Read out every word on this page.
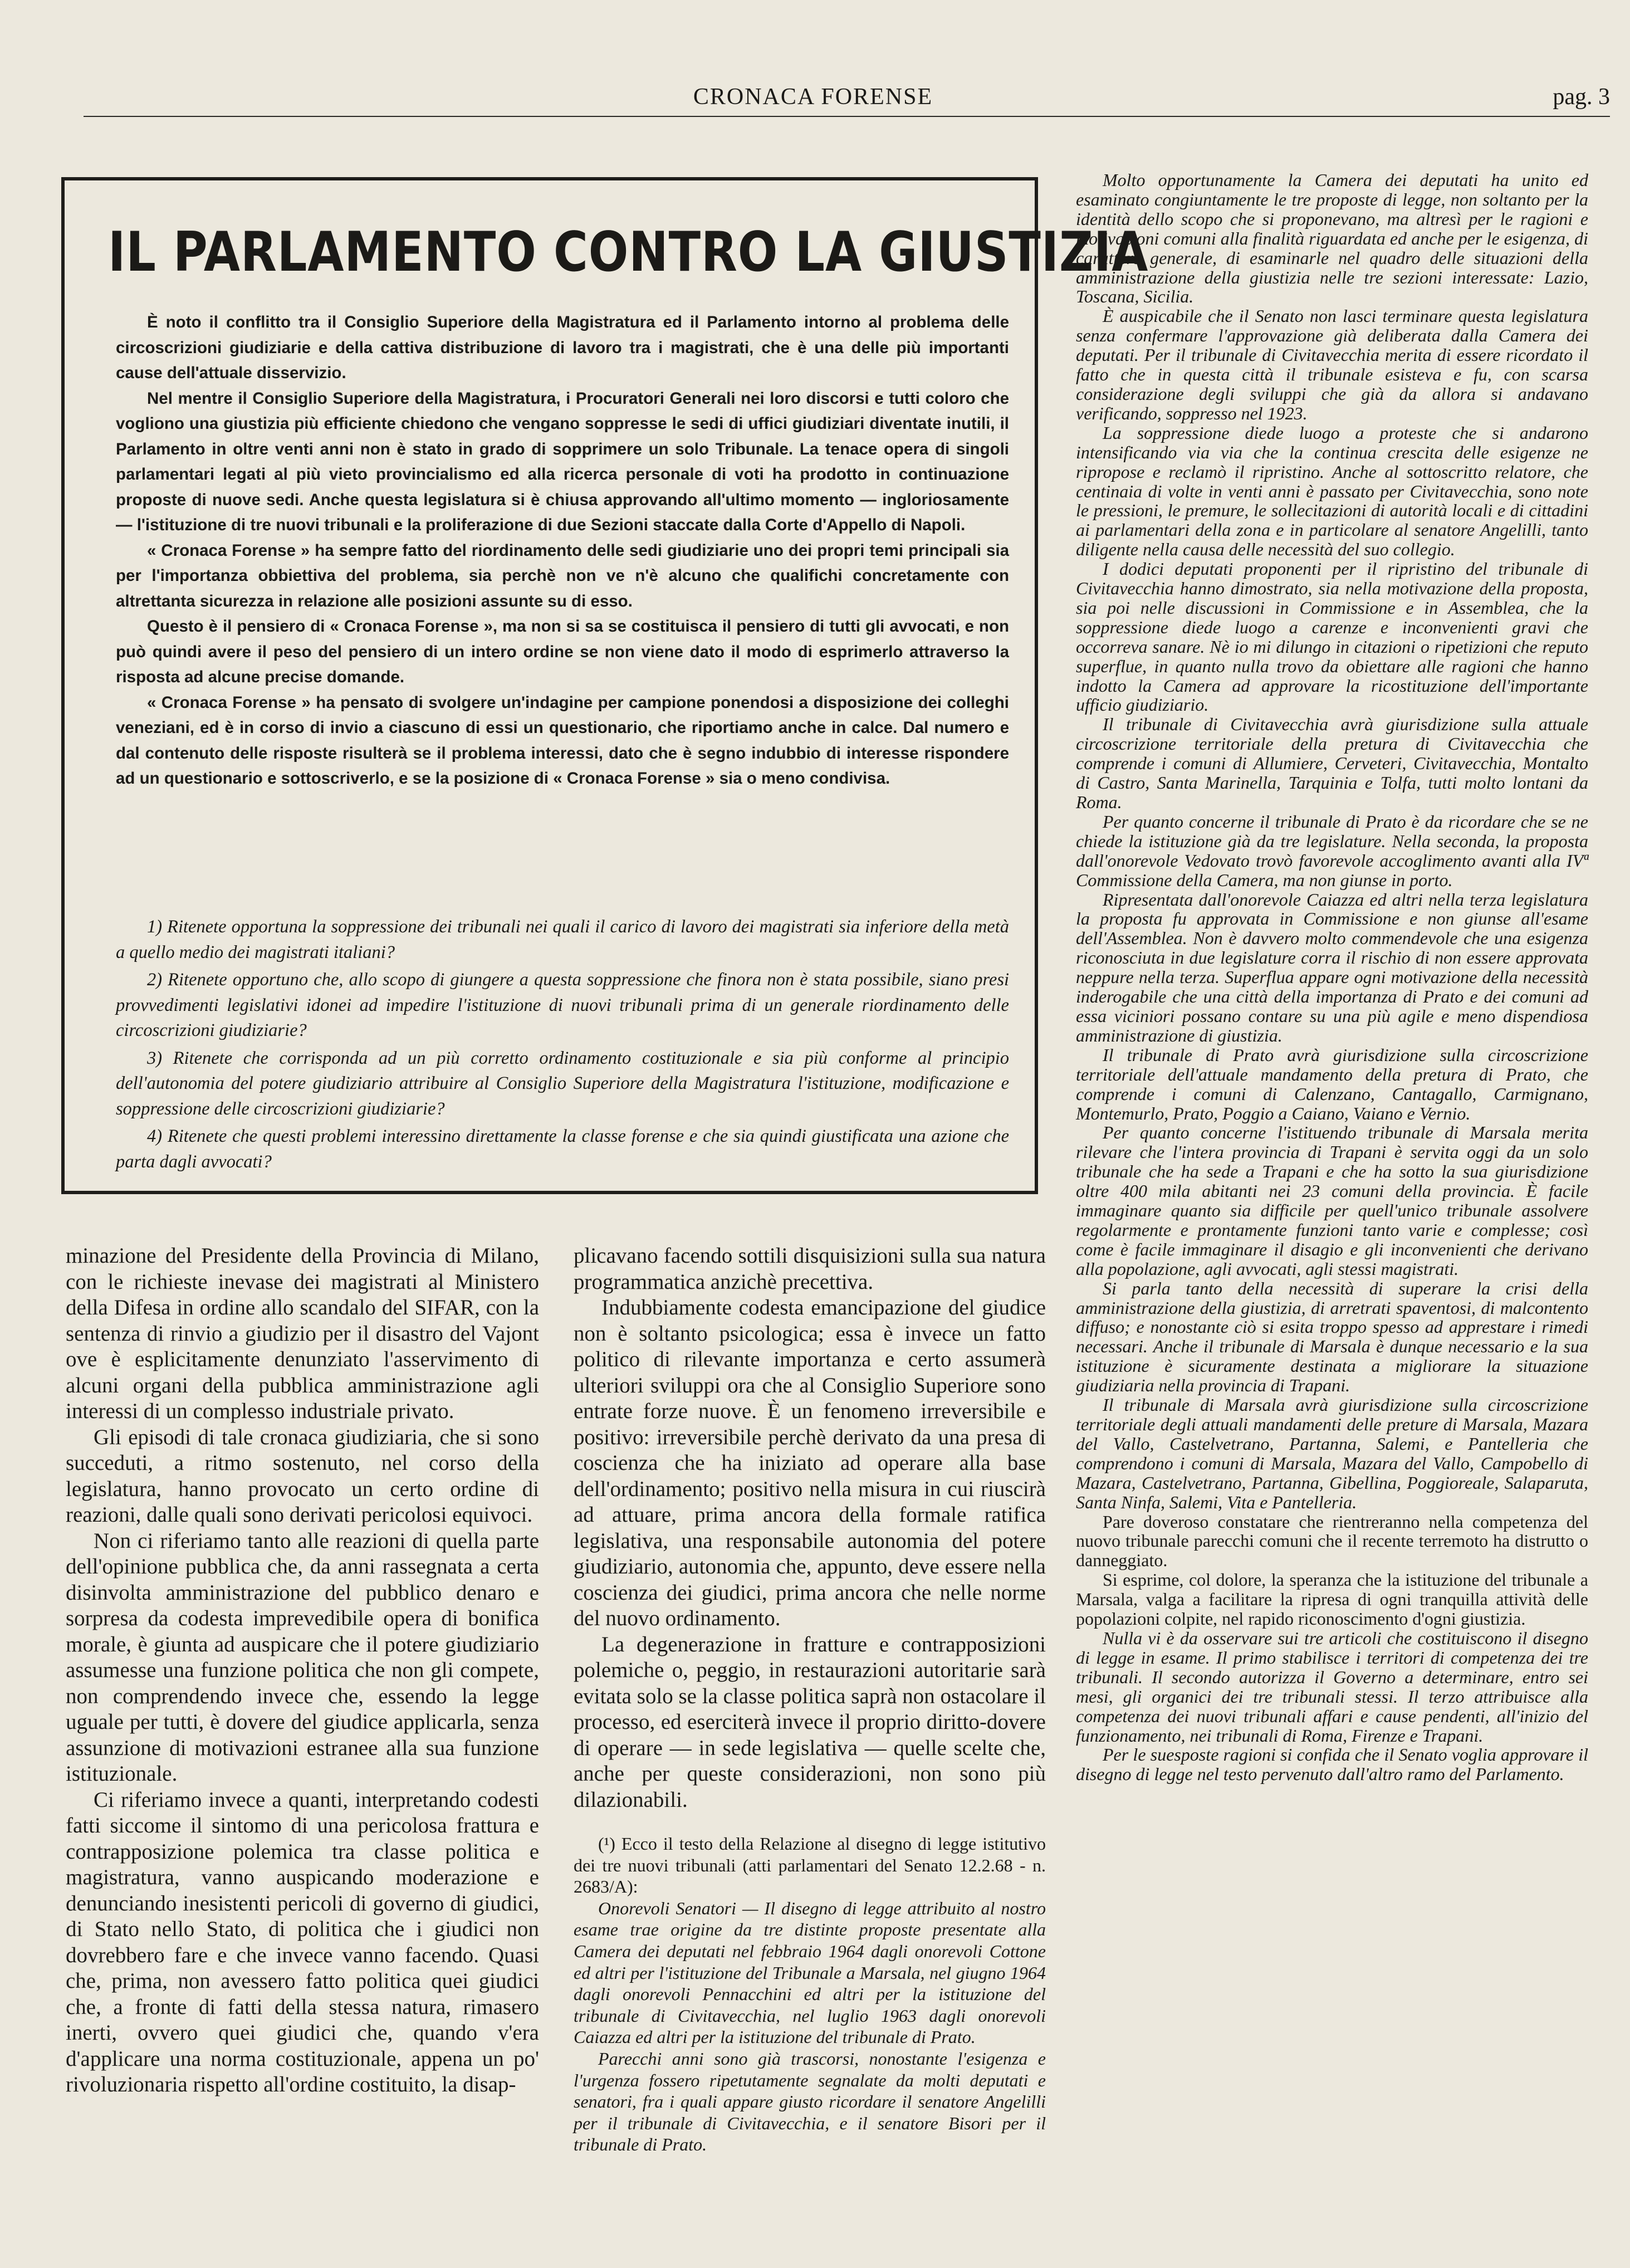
CRONACA FORENSE	pag. 3
IL PARLAMENTO CONTRO LA GIUSTIZIA

È noto il conflitto tra il Consiglio Superiore della Magistratura ed il Parlamento intorno al problema delle circoscrizioni giudiziarie e della cattiva distribuzione di lavoro tra i magistrati, che è una delle più importanti cause dell'attuale disservizio.

Nel mentre il Consiglio Superiore della Magistratura, i Procuratori Generali nei loro discorsi e tutti coloro che vogliono una giustizia più efficiente chiedono che vengano soppresse le sedi di uffici giudiziari diventate inutili, il Parlamento in oltre venti anni non è stato in grado di sopprimere un solo Tribunale. La tenace opera di singoli parlamentari legati al più vieto provincialismo ed alla ricerca personale di voti ha prodotto in continuazione proposte di nuove sedi. Anche questa legislatura si è chiusa approvando all'ultimo momento — ingloriosamente — l'istituzione di tre nuovi tribunali e la proliferazione di due Sezioni staccate dalla Corte d'Appello di Napoli.

« Cronaca Forense » ha sempre fatto del riordinamento delle sedi giudiziarie uno dei propri temi principali sia per l'importanza obbiettiva del problema, sia perchè non ve n'è alcuno che qualifichi concretamente con altrettanta sicurezza in relazione alle posizioni assunte su di esso.

Questo è il pensiero di « Cronaca Forense », ma non si sa se costituisca il pensiero di tutti gli avvocati, e non può quindi avere il peso del pensiero di un intero ordine se non viene dato il modo di esprimerlo attraverso la risposta ad alcune precise domande.

« Cronaca Forense » ha pensato di svolgere un'indagine per campione ponendosi a disposizione dei colleghi veneziani, ed è in corso di invio a ciascuno di essi un questionario, che riportiamo anche in calce. Dal numero e dal contenuto delle risposte risulterà se il problema interessi, dato che è segno indubbio di interesse rispondere ad un questionario e sottoscriverlo, e se la posizione di « Cronaca Forense » sia o meno condivisa.

1) Ritenete opportuna la soppressione dei tribunali nei quali il carico di lavoro dei magistrati sia inferiore della metà a quello medio dei magistrati italiani?

2) Ritenete opportuno che, allo scopo di giungere a questa soppressione che finora non è stata possibile, siano presi provvedimenti legislativi idonei ad impedire l'istituzione di nuovi tribunali prima di un generale riordinamento delle circoscrizioni giudiziarie?

3) Ritenete che corrisponda ad un più corretto ordinamento costituzionale e sia più conforme al principio dell'autonomia del potere giudiziario attribuire al Consiglio Superiore della Magistratura l'istituzione, modificazione e soppressione delle circoscrizioni giudiziarie?

4) Ritenete che questi problemi interessino direttamente la classe forense e che sia quindi giustificata una azione che parta dagli avvocati?

minazione del Presidente della Provincia di Milano, con le richieste inevase dei magistrati al Ministero della Difesa in ordine allo scandalo del SIFAR, con la sentenza di rinvio a giudizio per il disastro del Vajont ove è esplicitamente denunziato l'asservimento di alcuni organi della pubblica amministrazione agli interessi di un complesso industriale privato.

Gli episodi di tale cronaca giudiziaria, che si sono succeduti, a ritmo sostenuto, nel corso della legislatura, hanno provocato un certo ordine di reazioni, dalle quali sono derivati pericolosi equivoci.

Non ci riferiamo tanto alle reazioni di quella parte dell'opinione pubblica che, da anni rassegnata a certa disinvolta amministrazione del pubblico denaro e sorpresa da codesta imprevedibile opera di bonifica morale, è giunta ad auspicare che il potere giudiziario assumesse una funzione politica che non gli compete, non comprendendo invece che, essendo la legge uguale per tutti, è dovere del giudice applicarla, senza assunzione di motivazioni estranee alla sua funzione istituzionale.

Ci riferiamo invece a quanti, interpretando codesti fatti siccome il sintomo di una pericolosa frattura e contrapposizione polemica tra classe politica e magistratura, vanno auspicando moderazione e denunciando inesistenti pericoli di governo di giudici, di Stato nello Stato, di politica che i giudici non dovrebbero fare e che invece vanno facendo. Quasi che, prima, non avessero fatto politica quei giudici che, a fronte di fatti della stessa natura, rimasero inerti, ovvero quei giudici che, quando v'era d'applicare una norma costituzionale, appena un po' rivoluzionaria rispetto all'ordine costituito, la disap-

plicavano facendo sottili disquisizioni sulla sua natura programmatica anzichè precettiva.

Indubbiamente codesta emancipazione del giudice non è soltanto psicologica; essa è invece un fatto politico di rilevante importanza e certo assumerà ulteriori sviluppi ora che al Consiglio Superiore sono entrate forze nuove. È un fenomeno irreversibile e positivo: irreversibile perchè derivato da una presa di coscienza che ha iniziato ad operare alla base dell'ordinamento; positivo nella misura in cui riuscirà ad attuare, prima ancora della formale ratifica legislativa, una responsabile autonomia del potere giudiziario, autonomia che, appunto, deve essere nella coscienza dei giudici, prima ancora che nelle norme del nuovo ordinamento.

La degenerazione in fratture e contrapposizioni polemiche o, peggio, in restaurazioni autoritarie sarà evitata solo se la classe politica saprà non ostacolare il processo, ed eserciterà invece il proprio diritto-dovere di operare — in sede legislativa — quelle scelte che, anche per queste considerazioni, non sono più dilazionabili.

(¹) Ecco il testo della Relazione al disegno di legge istitutivo dei tre nuovi tribunali (atti parlamentari del Senato 12.2.68 - n. 2683/A):

Onorevoli Senatori — Il disegno di legge attribuito al nostro esame trae origine da tre distinte proposte presentate alla Camera dei deputati nel febbraio 1964 dagli onorevoli Cottone ed altri per l'istituzione del Tribunale a Marsala, nel giugno 1964 dagli onorevoli Pennacchini ed altri per la istituzione del tribunale di Civitavecchia, nel luglio 1963 dagli onorevoli Caiazza ed altri per la istituzione del tribunale di Prato.

Parecchi anni sono già trascorsi, nonostante l'esigenza e l'urgenza fossero ripetutamente segnalate da molti deputati e senatori, fra i quali appare giusto ricordare il senatore Angelilli per il tribunale di Civitavecchia, e il senatore Bisori per il tribunale di Prato.

Molto opportunamente la Camera dei deputati ha unito ed esaminato congiuntamente le tre proposte di legge, non soltanto per la identità dello scopo che si proponevano, ma altresì per le ragioni e motivazioni comuni alla finalità riguardata ed anche per le esigenza, di carattere generale, di esaminarle nel quadro delle situazioni della amministrazione della giustizia nelle tre sezioni interessate: Lazio, Toscana, Sicilia.

È auspicabile che il Senato non lasci terminare questa legislatura senza confermare l'approvazione già deliberata dalla Camera dei deputati. Per il tribunale di Civitavecchia merita di essere ricordato il fatto che in questa città il tribunale esisteva e fu, con scarsa considerazione degli sviluppi che già da allora si andavano verificando, soppresso nel 1923.

La soppressione diede luogo a proteste che si andarono intensificando via via che la continua crescita delle esigenze ne ripropose e reclamò il ripristino. Anche al sottoscritto relatore, che centinaia di volte in venti anni è passato per Civitavecchia, sono note le pressioni, le premure, le sollecitazioni di autorità locali e di cittadini ai parlamentari della zona e in particolare al senatore Angelilli, tanto diligente nella causa delle necessità del suo collegio.

I dodici deputati proponenti per il ripristino del tribunale di Civitavecchia hanno dimostrato, sia nella motivazione della proposta, sia poi nelle discussioni in Commissione e in Assemblea, che la soppressione diede luogo a carenze e inconvenienti gravi che occorreva sanare. Nè io mi dilungo in citazioni o ripetizioni che reputo superflue, in quanto nulla trovo da obiettare alle ragioni che hanno indotto la Camera ad approvare la ricostituzione dell'importante ufficio giudiziario.

Il tribunale di Civitavecchia avrà giurisdizione sulla attuale circoscrizione territoriale della pretura di Civitavecchia che comprende i comuni di Allumiere, Cerveteri, Civitavecchia, Montalto di Castro, Santa Marinella, Tarquinia e Tolfa, tutti molto lontani da Roma.

Per quanto concerne il tribunale di Prato è da ricordare che se ne chiede la istituzione già da tre legislature. Nella seconda, la proposta dall'onorevole Vedovato trovò favorevole accoglimento avanti alla IVª Commissione della Camera, ma non giunse in porto.

Ripresentata dall'onorevole Caiazza ed altri nella terza legislatura la proposta fu approvata in Commissione e non giunse all'esame dell'Assemblea. Non è davvero molto commendevole che una esigenza riconosciuta in due legislature corra il rischio di non essere approvata neppure nella terza. Superflua appare ogni motivazione della necessità inderogabile che una città della importanza di Prato e dei comuni ad essa viciniori possano contare su una più agile e meno dispendiosa amministrazione di giustizia.

Il tribunale di Prato avrà giurisdizione sulla circoscrizione territoriale dell'attuale mandamento della pretura di Prato, che comprende i comuni di Calenzano, Cantagallo, Carmignano, Montemurlo, Prato, Poggio a Caiano, Vaiano e Vernio.

Per quanto concerne l'istituendo tribunale di Marsala merita rilevare che l'intera provincia di Trapani è servita oggi da un solo tribunale che ha sede a Trapani e che ha sotto la sua giurisdizione oltre 400 mila abitanti nei 23 comuni della provincia. È facile immaginare quanto sia difficile per quell'unico tribunale assolvere regolarmente e prontamente funzioni tanto varie e complesse; così come è facile immaginare il disagio e gli inconvenienti che derivano alla popolazione, agli avvocati, agli stessi magistrati.

Si parla tanto della necessità di superare la crisi della amministrazione della giustizia, di arretrati spaventosi, di malcontento diffuso; e nonostante ciò si esita troppo spesso ad apprestare i rimedi necessari. Anche il tribunale di Marsala è dunque necessario e la sua istituzione è sicuramente destinata a migliorare la situazione giudiziaria nella provincia di Trapani.

Il tribunale di Marsala avrà giurisdizione sulla circoscrizione territoriale degli attuali mandamenti delle preture di Marsala, Mazara del Vallo, Castelvetrano, Partanna, Salemi, e Pantelleria che comprendono i comuni di Marsala, Mazara del Vallo, Campobello di Mazara, Castelvetrano, Partanna, Gibellina, Poggioreale, Salaparuta, Santa Ninfa, Salemi, Vita e Pantelleria.

Pare doveroso constatare che rientreranno nella competenza del nuovo tribunale parecchi comuni che il recente terremoto ha distrutto o danneggiato.

Si esprime, col dolore, la speranza che la istituzione del tribunale a Marsala, valga a facilitare la ripresa di ogni tranquilla attività delle popolazioni colpite, nel rapido riconoscimento d'ogni giustizia.

Nulla vi è da osservare sui tre articoli che costituiscono il disegno di legge in esame. Il primo stabilisce i territori di competenza dei tre tribunali. Il secondo autorizza il Governo a determinare, entro sei mesi, gli organici dei tre tribunali stessi. Il terzo attribuisce alla competenza dei nuovi tribunali affari e cause pendenti, all'inizio del funzionamento, nei tribunali di Roma, Firenze e Trapani.

Per le suesposte ragioni si confida che il Senato voglia approvare il disegno di legge nel testo pervenuto dall'altro ramo del Parlamento.
